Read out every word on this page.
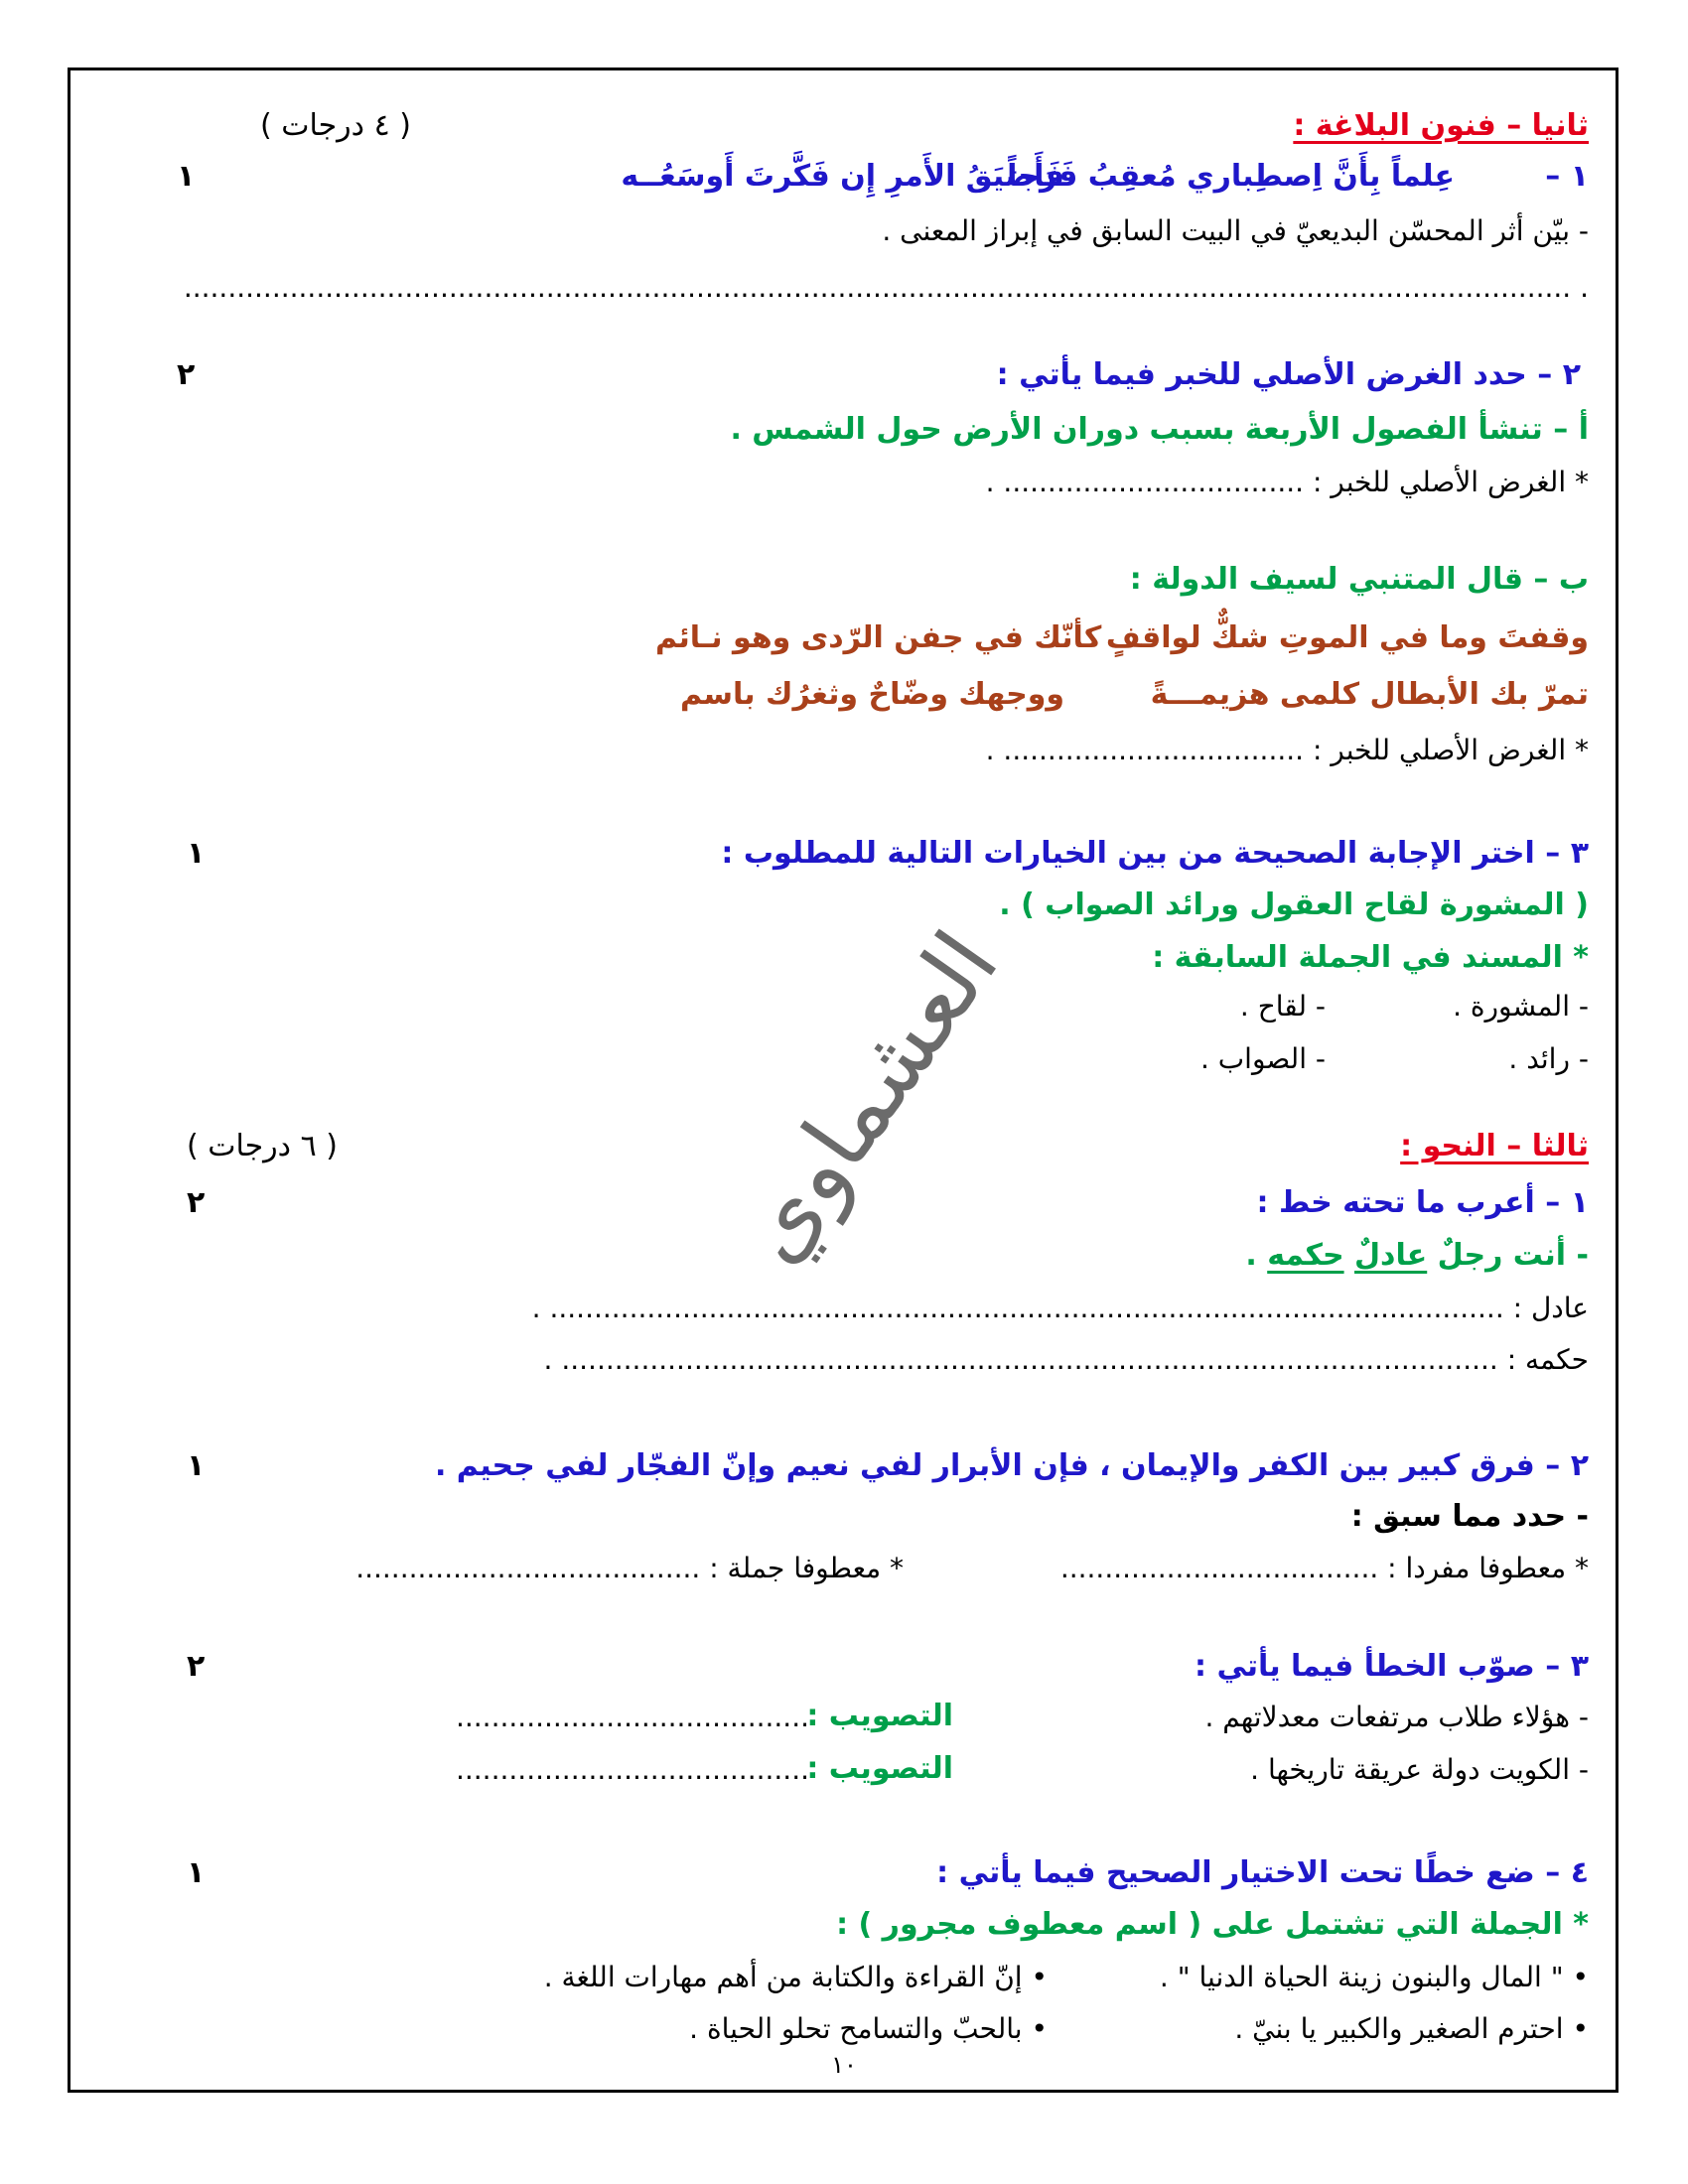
ثانيا – فنون البلاغة :
( ٤ درجات )
١ –
عِلماً بِأَنَّ اِصطِباري مُعقِبُ فَرَجاً
فَأَضيَقُ الأَمرِ إِن فَكَّرتَ أَوسَعُــه
١
- بيّن أثر المحسّن البديعيّ في البيت السابق في إبراز المعنى .
. .............................................................................................................................................................
٢ – حدد الغرض الأصلي للخبر فيما يأتي :
٢
أ – تنشأ الفصول الأربعة بسبب دوران الأرض حول الشمس .
* الغرض الأصلي للخبر : .................................. .
ب – قال المتنبي لسيف الدولة :
وقفتَ وما في الموتِ شكٌّ لواقفٍ
كأنّك في جفن الرّدى وهو نـائم
تمرّ بك الأبطال كلمى هزيمـــةً
ووجهك وضّاحٌ وثغرُك باسم
* الغرض الأصلي للخبر : .................................. .
٣ – اختر الإجابة الصحيحة من بين الخيارات التالية للمطلوب :
١
( المشورة لقاح العقول ورائد الصواب ) .
* المسند في الجملة السابقة :
- المشورة .
- لقاح .
- رائد .
- الصواب .
العشماوي	ثالثا – النحو :
( ٦ درجات )
١ – أعرب ما تحته خط :
٢
- أنت رجلٌ عادلٌ حكمه .
عادل : ............................................................................................................ .
حكمه : .......................................................................................................... .
٢ – فرق كبير بين الكفر والإيمان ، فإن الأبرار لفي نعيم وإنّ الفجّار لفي جحيم .
١
- حدد مما سبق :
* معطوفا مفردا : ....................................
* معطوفا جملة : .......................................
٣ – صوّب الخطأ فيما يأتي :
٢
- هؤلاء طلاب مرتفعات معدلاتهم .
التصويب :
........................................
- الكويت دولة عريقة تاريخها .
التصويب :
........................................
٤ – ضع خطًا تحت الاختيار الصحيح فيما يأتي :
١
* الجملة التي تشتمل على ( اسم معطوف مجرور ) :
• " المال والبنون زينة الحياة الدنيا " .
• إنّ القراءة والكتابة من أهم مهارات اللغة .
• احترم الصغير والكبير يا بنيّ .
• بالحبّ والتسامح تحلو الحياة .
١٠
